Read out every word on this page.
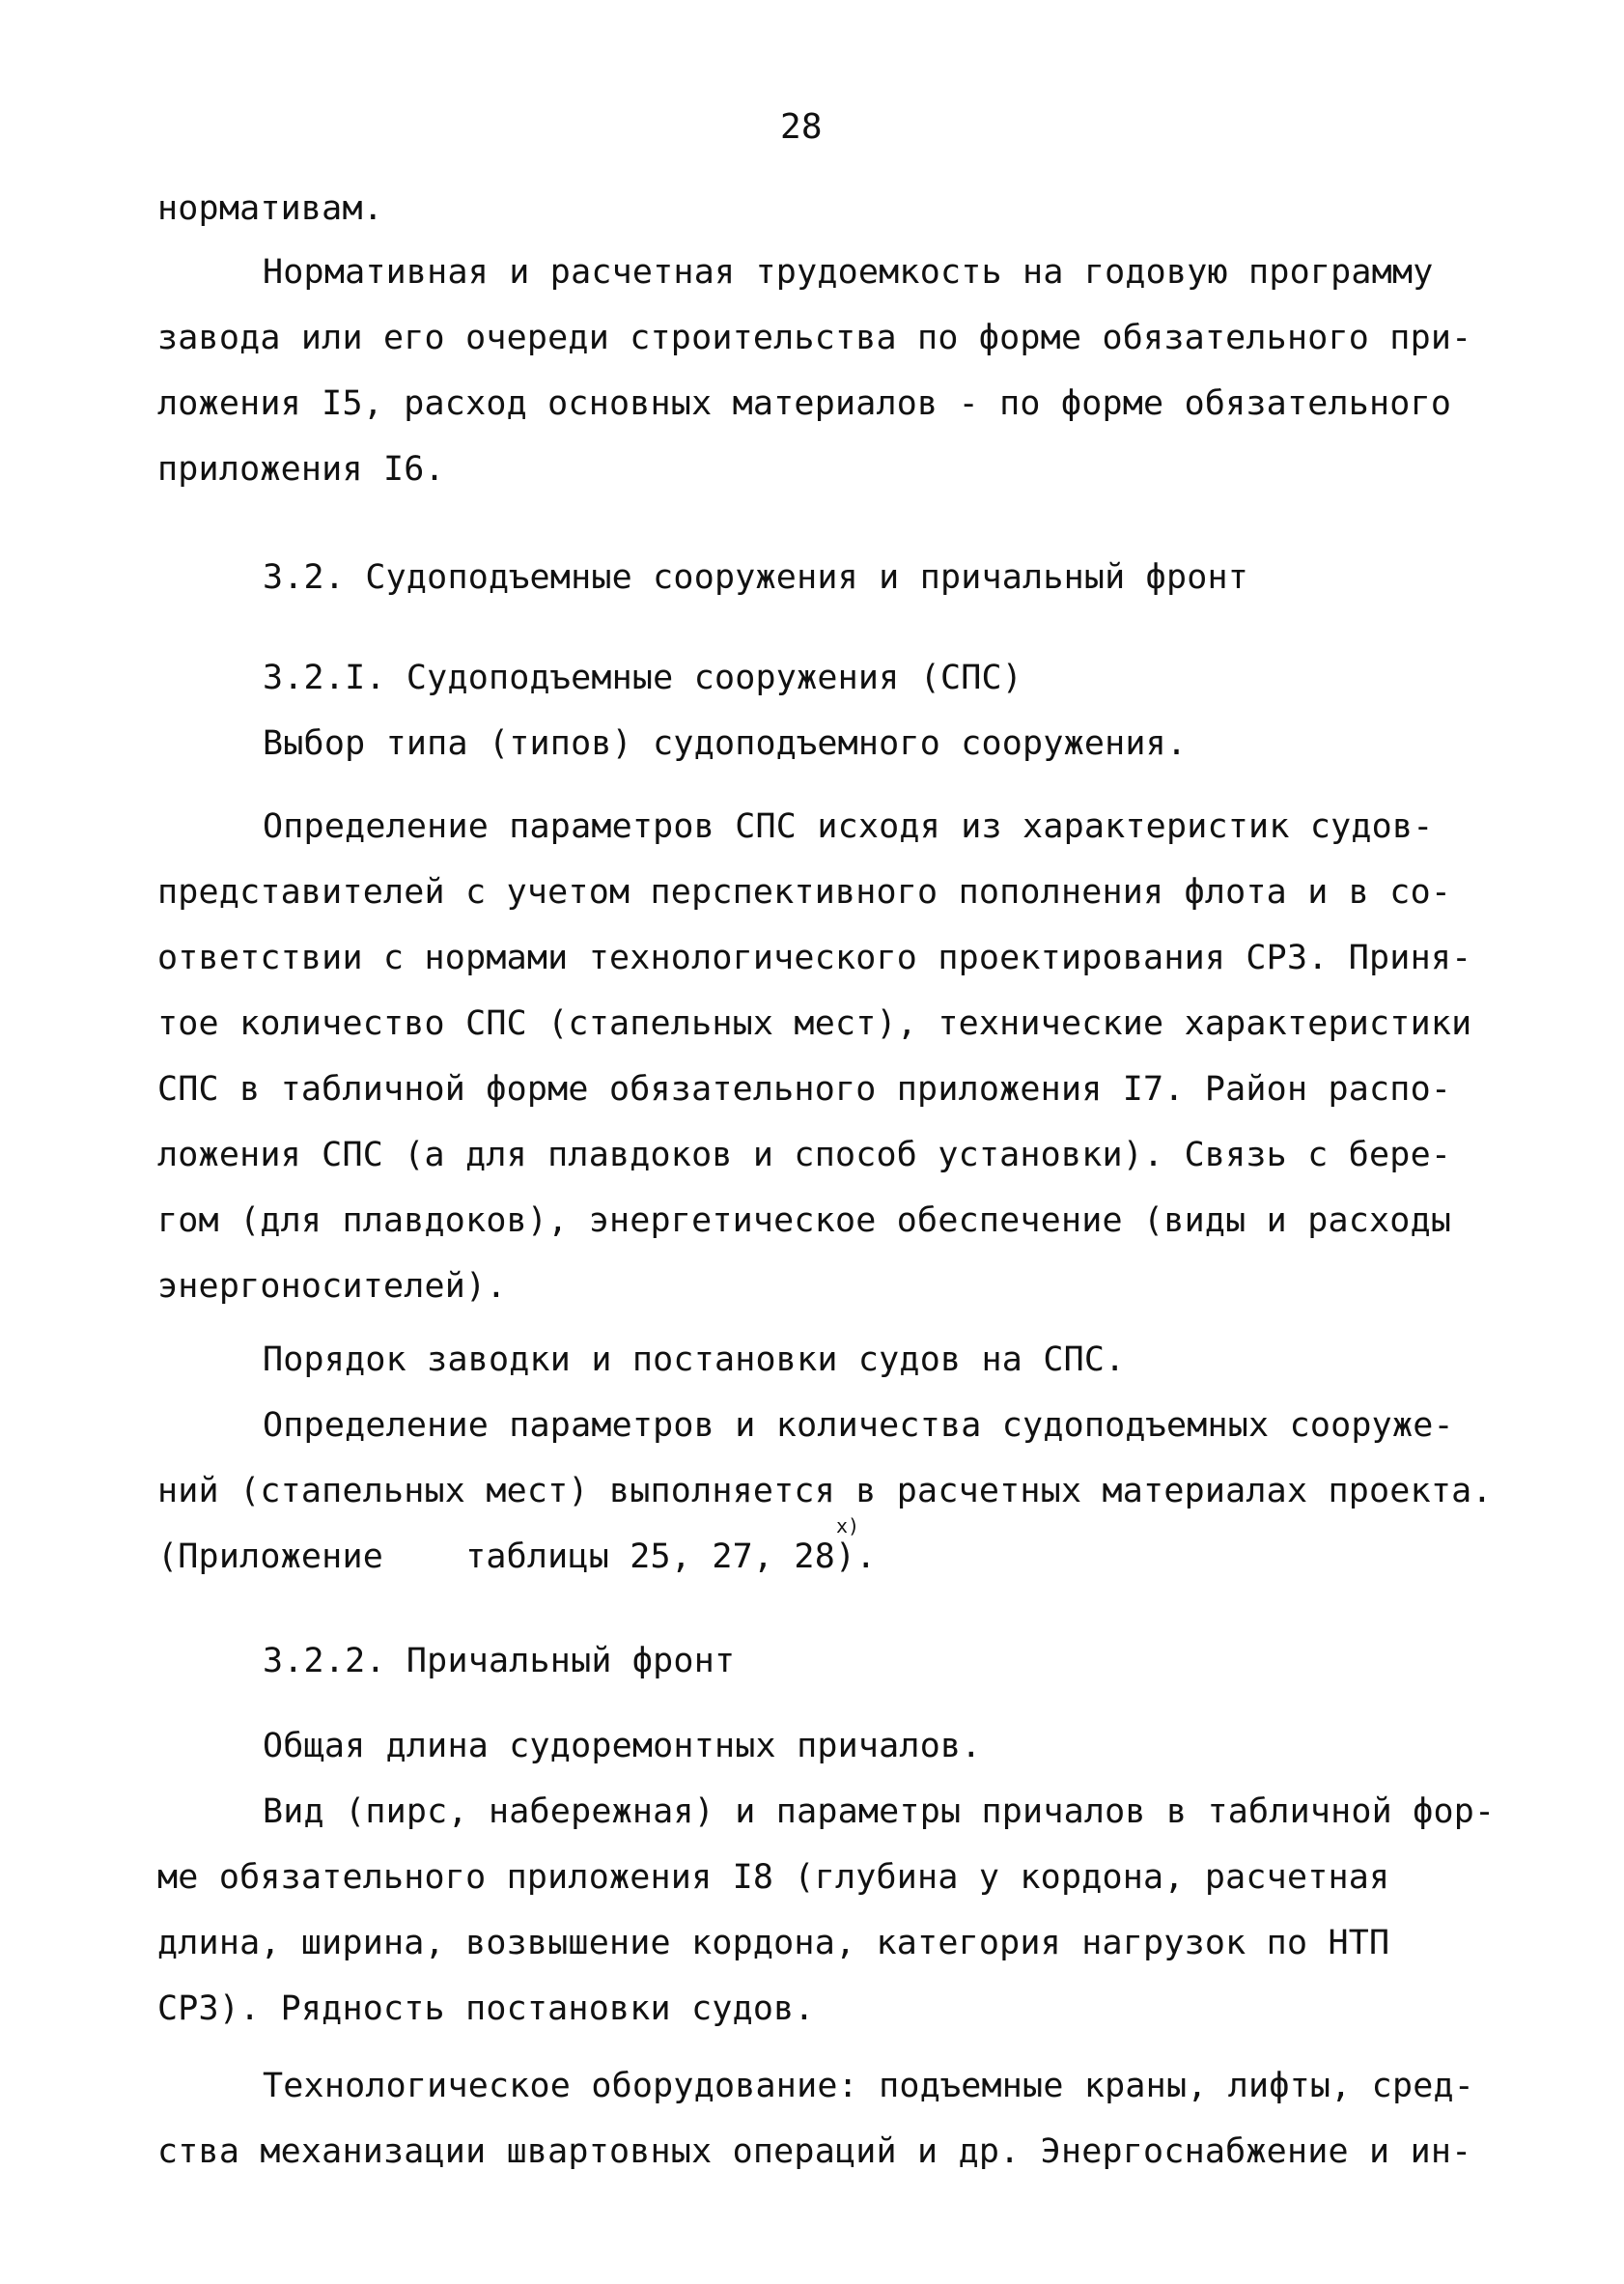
28
нормативам.
Нормативная и расчетная трудоемкость на годовую программу
завода или его очереди строительства по форме обязательного при-
ложения I5, расход основных материалов - по форме обязательного
приложения I6.
3.2. Судоподъемные сооружения и причальный фронт
3.2.I. Судоподъемные сооружения (СПС)
Выбор типа (типов) судоподъемного сооружения.
Определение параметров СПС исходя из характеристик судов-
представителей с учетом перспективного пополнения флота и в со-
ответствии с нормами технологического проектирования СРЗ. Приня-
тое количество СПС (стапельных мест), технические характеристики
СПС в табличной форме обязательного приложения I7. Район распо-
ложения СПС (а для плавдоков и способ установки). Связь с бере-
гом (для плавдоков), энергетическое обеспечение (виды и расходы
энергоносителей).
Порядок заводки и постановки судов на СПС.
Определение параметров и количества судоподъемных сооруже-
ний (стапельных мест) выполняется в расчетных материалах проекта.
(Приложение    таблицы 25, 27, 28).
x)
3.2.2. Причальный фронт
Общая длина судоремонтных причалов.
Вид (пирс, набережная) и параметры причалов в табличной фор-
ме обязательного приложения I8 (глубина у кордона, расчетная
длина, ширина, возвышение кордона, категория нагрузок по НТП
СРЗ). Рядность постановки судов.
Технологическое оборудование: подъемные краны, лифты, сред-
ства механизации швартовных операций и др. Энергоснабжение и ин-
